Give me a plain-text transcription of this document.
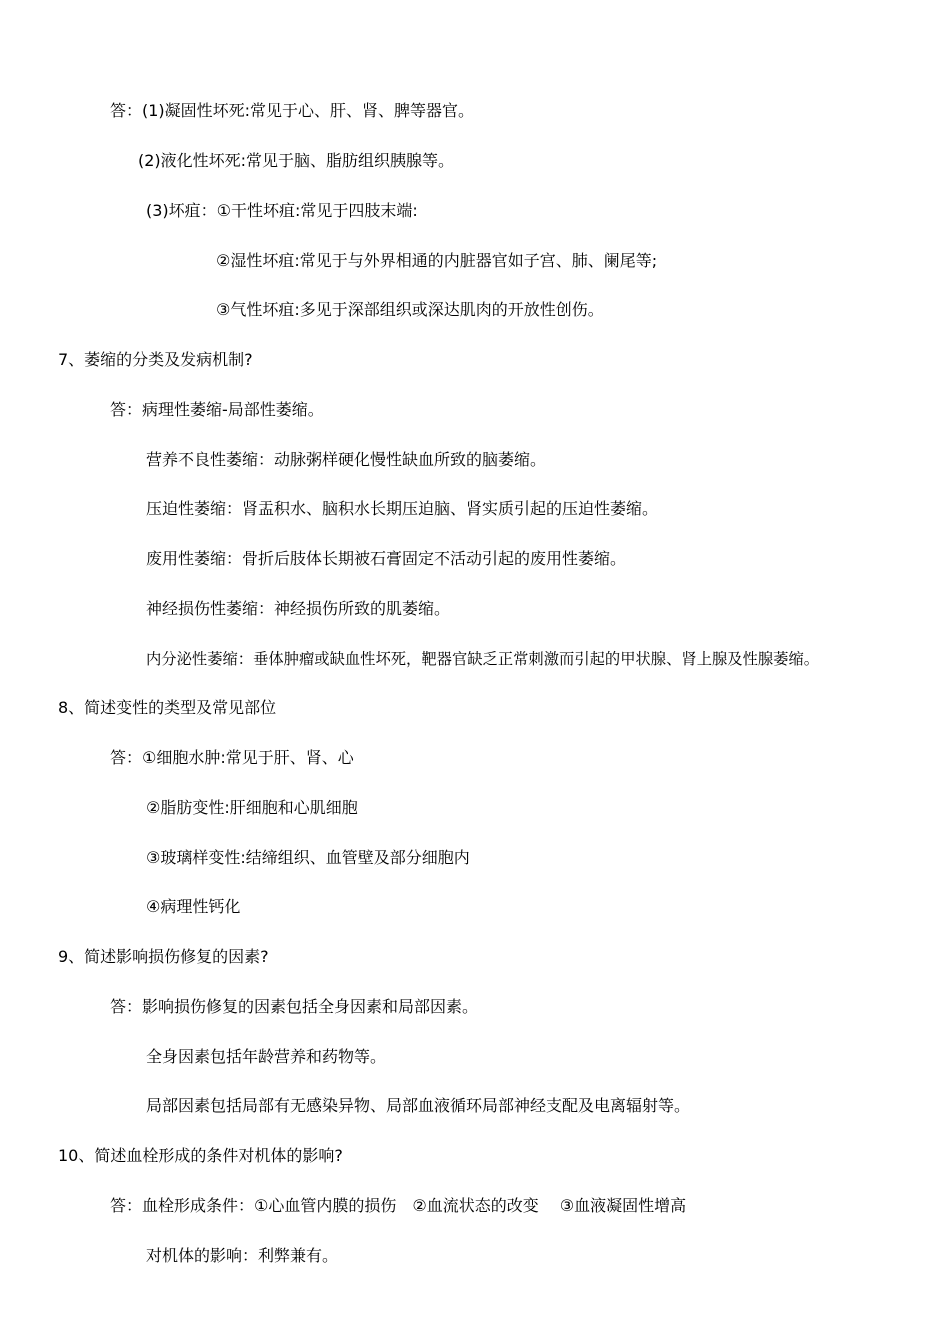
答：(1)凝固性坏死:常见于心、肝、肾、脾等器官。
(2)液化性坏死:常见于脑、脂肪组织胰腺等。
(3)坏疽：①干性坏疽:常见于四肢末端:
②湿性坏疽:常见于与外界相通的内脏器官如子宫、肺、阑尾等;
③气性坏疽:多见于深部组织或深达肌肉的开放性创伤。
7、萎缩的分类及发病机制?
答：病理性萎缩-局部性萎缩。
营养不良性萎缩：动脉粥样硬化慢性缺血所致的脑萎缩。
压迫性萎缩：肾盂积水、脑积水长期压迫脑、肾实质引起的压迫性萎缩。
废用性萎缩：骨折后肢体长期被石膏固定不活动引起的废用性萎缩。
神经损伤性萎缩：神经损伤所致的肌萎缩。
内分泌性萎缩：垂体肿瘤或缺血性坏死，靶器官缺乏正常刺激而引起的甲状腺、肾上腺及性腺萎缩。
8、简述变性的类型及常见部位
答：①细胞水肿:常见于肝、肾、心
②脂肪变性:肝细胞和心肌细胞
③玻璃样变性:结缔组织、血管壁及部分细胞内
④病理性钙化
9、简述影响损伤修复的因素?
答：影响损伤修复的因素包括全身因素和局部因素。
全身因素包括年龄营养和药物等。
局部因素包括局部有无感染异物、局部血液循环局部神经支配及电离辐射等。
10、简述血栓形成的条件对机体的影响?
答：血栓形成条件：①心血管内膜的损伤　②血流状态的改变　 ③血液凝固性增高
对机体的影响：利弊兼有。
